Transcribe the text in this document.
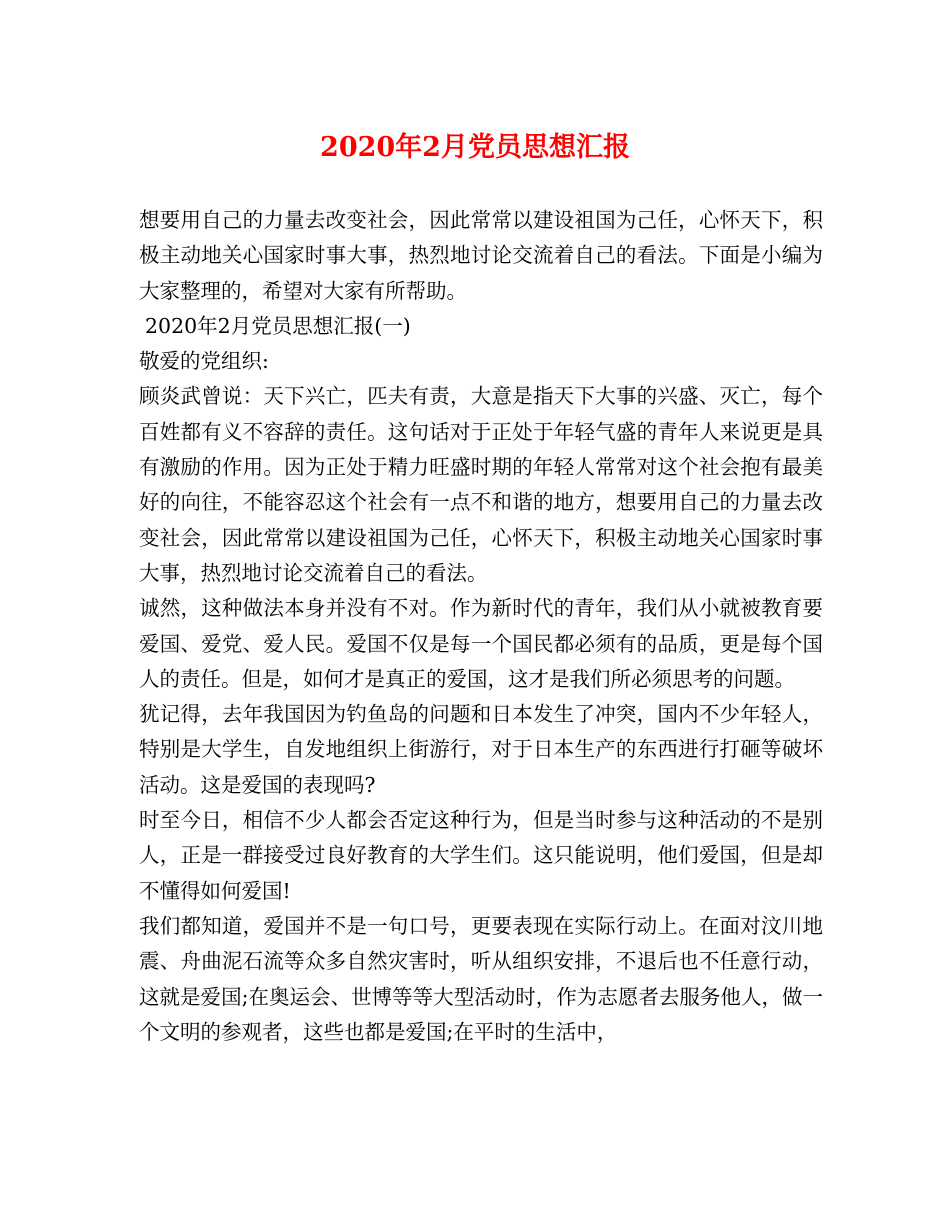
2020年2月党员思想汇报

想要用自己的力量去改变社会，因此常常以建设祖国为己任，心怀天下，积极主动地关心国家时事大事，热烈地讨论交流着自己的看法。下面是小编为大家整理的，希望对大家有所帮助。

2020年2月党员思想汇报(一)

敬爱的党组织:

顾炎武曾说：天下兴亡，匹夫有责，大意是指天下大事的兴盛、灭亡，每个百姓都有义不容辞的责任。这句话对于正处于年轻气盛的青年人来说更是具有激励的作用。因为正处于精力旺盛时期的年轻人常常对这个社会抱有最美好的向往，不能容忍这个社会有一点不和谐的地方，想要用自己的力量去改变社会，因此常常以建设祖国为己任，心怀天下，积极主动地关心国家时事大事，热烈地讨论交流着自己的看法。

诚然，这种做法本身并没有不对。作为新时代的青年，我们从小就被教育要爱国、爱党、爱人民。爱国不仅是每一个国民都必须有的品质，更是每个国人的责任。但是，如何才是真正的爱国，这才是我们所必须思考的问题。

犹记得，去年我国因为钓鱼岛的问题和日本发生了冲突，国内不少年轻人，特别是大学生，自发地组织上街游行，对于日本生产的东西进行打砸等破坏活动。这是爱国的表现吗?

时至今日，相信不少人都会否定这种行为，但是当时参与这种活动的不是别人，正是一群接受过良好教育的大学生们。这只能说明，他们爱国，但是却不懂得如何爱国!

我们都知道，爱国并不是一句口号，更要表现在实际行动上。在面对汶川地震、舟曲泥石流等众多自然灾害时，听从组织安排，不退后也不任意行动，这就是爱国;在奥运会、世博等等大型活动时，作为志愿者去服务他人，做一个文明的参观者，这些也都是爱国;在平时的生活中，
